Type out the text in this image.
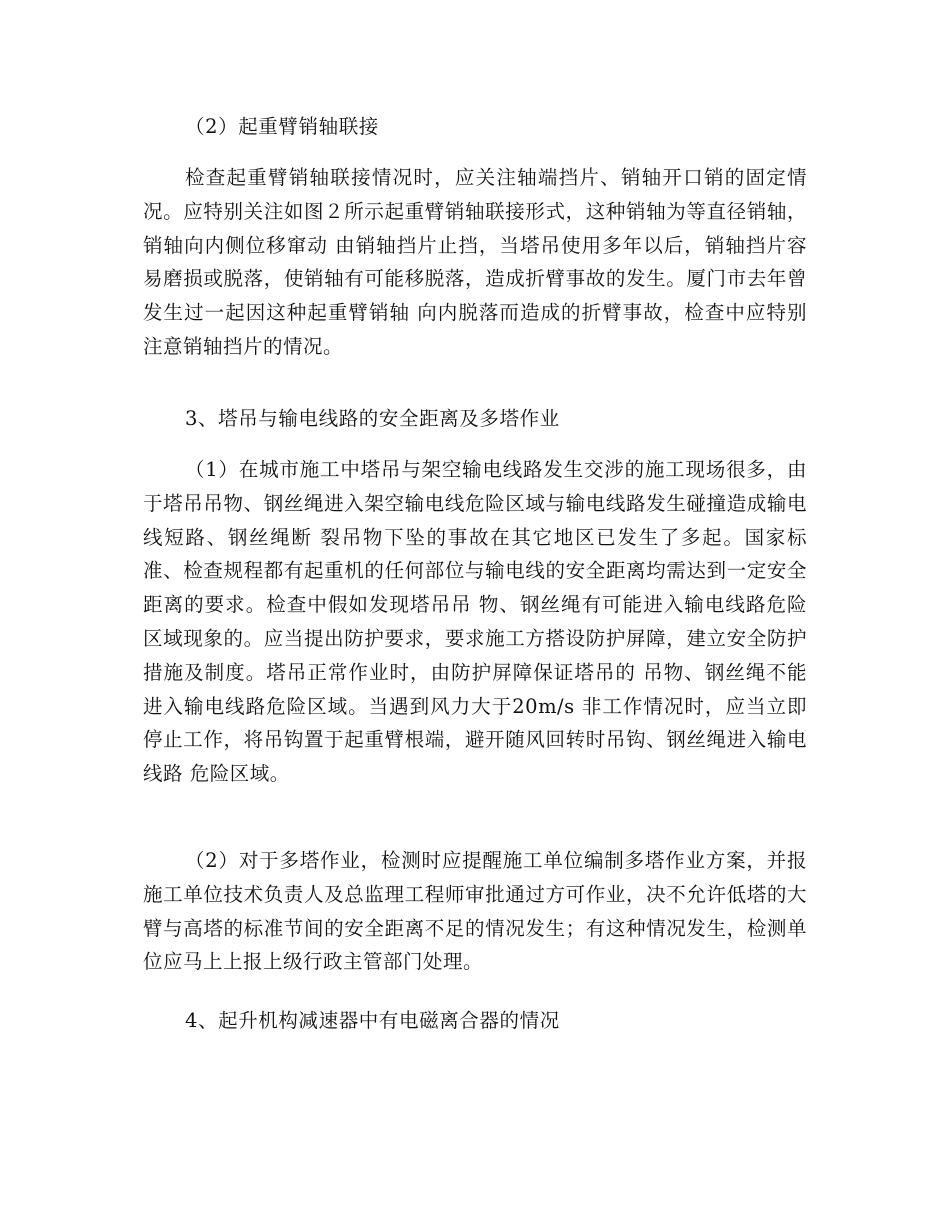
（2）起重臂销轴联接

检查起重臂销轴联接情况时，应关注轴端挡片、销轴开口销的固定情况。应特别关注如图２所示起重臂销轴联接形式，这种销轴为等直径销轴，销轴向内侧位移窜动 由销轴挡片止挡，当塔吊使用多年以后，销轴挡片容易磨损或脱落，使销轴有可能移脱落，造成折臂事故的发生。厦门市去年曾发生过一起因这种起重臂销轴 向内脱落而造成的折臂事故，检查中应特别注意销轴挡片的情况。

3、塔吊与输电线路的安全距离及多塔作业

（1）在城市施工中塔吊与架空输电线路发生交涉的施工现场很多，由于塔吊吊物、钢丝绳进入架空输电线危险区域与输电线路发生碰撞造成输电线短路、钢丝绳断 裂吊物下坠的事故在其它地区已发生了多起。国家标准、检查规程都有起重机的任何部位与输电线的安全距离均需达到一定安全距离的要求。检查中假如发现塔吊吊 物、钢丝绳有可能进入输电线路危险区域现象的。应当提出防护要求，要求施工方搭设防护屏障，建立安全防护措施及制度。塔吊正常作业时，由防护屏障保证塔吊的 吊物、钢丝绳不能进入输电线路危险区域。当遇到风力大于20m/s 非工作情况时，应当立即停止工作，将吊钩置于起重臂根端，避开随风回转时吊钩、钢丝绳进入输电线路 危险区域。

（2）对于多塔作业，检测时应提醒施工单位编制多塔作业方案，并报施工单位技术负责人及总监理工程师审批通过方可作业，决不允许低塔的大臂与高塔的标准节间的安全距离不足的情况发生；有这种情况发生，检测单位应马上上报上级行政主管部门处理。

4、起升机构减速器中有电磁离合器的情况
